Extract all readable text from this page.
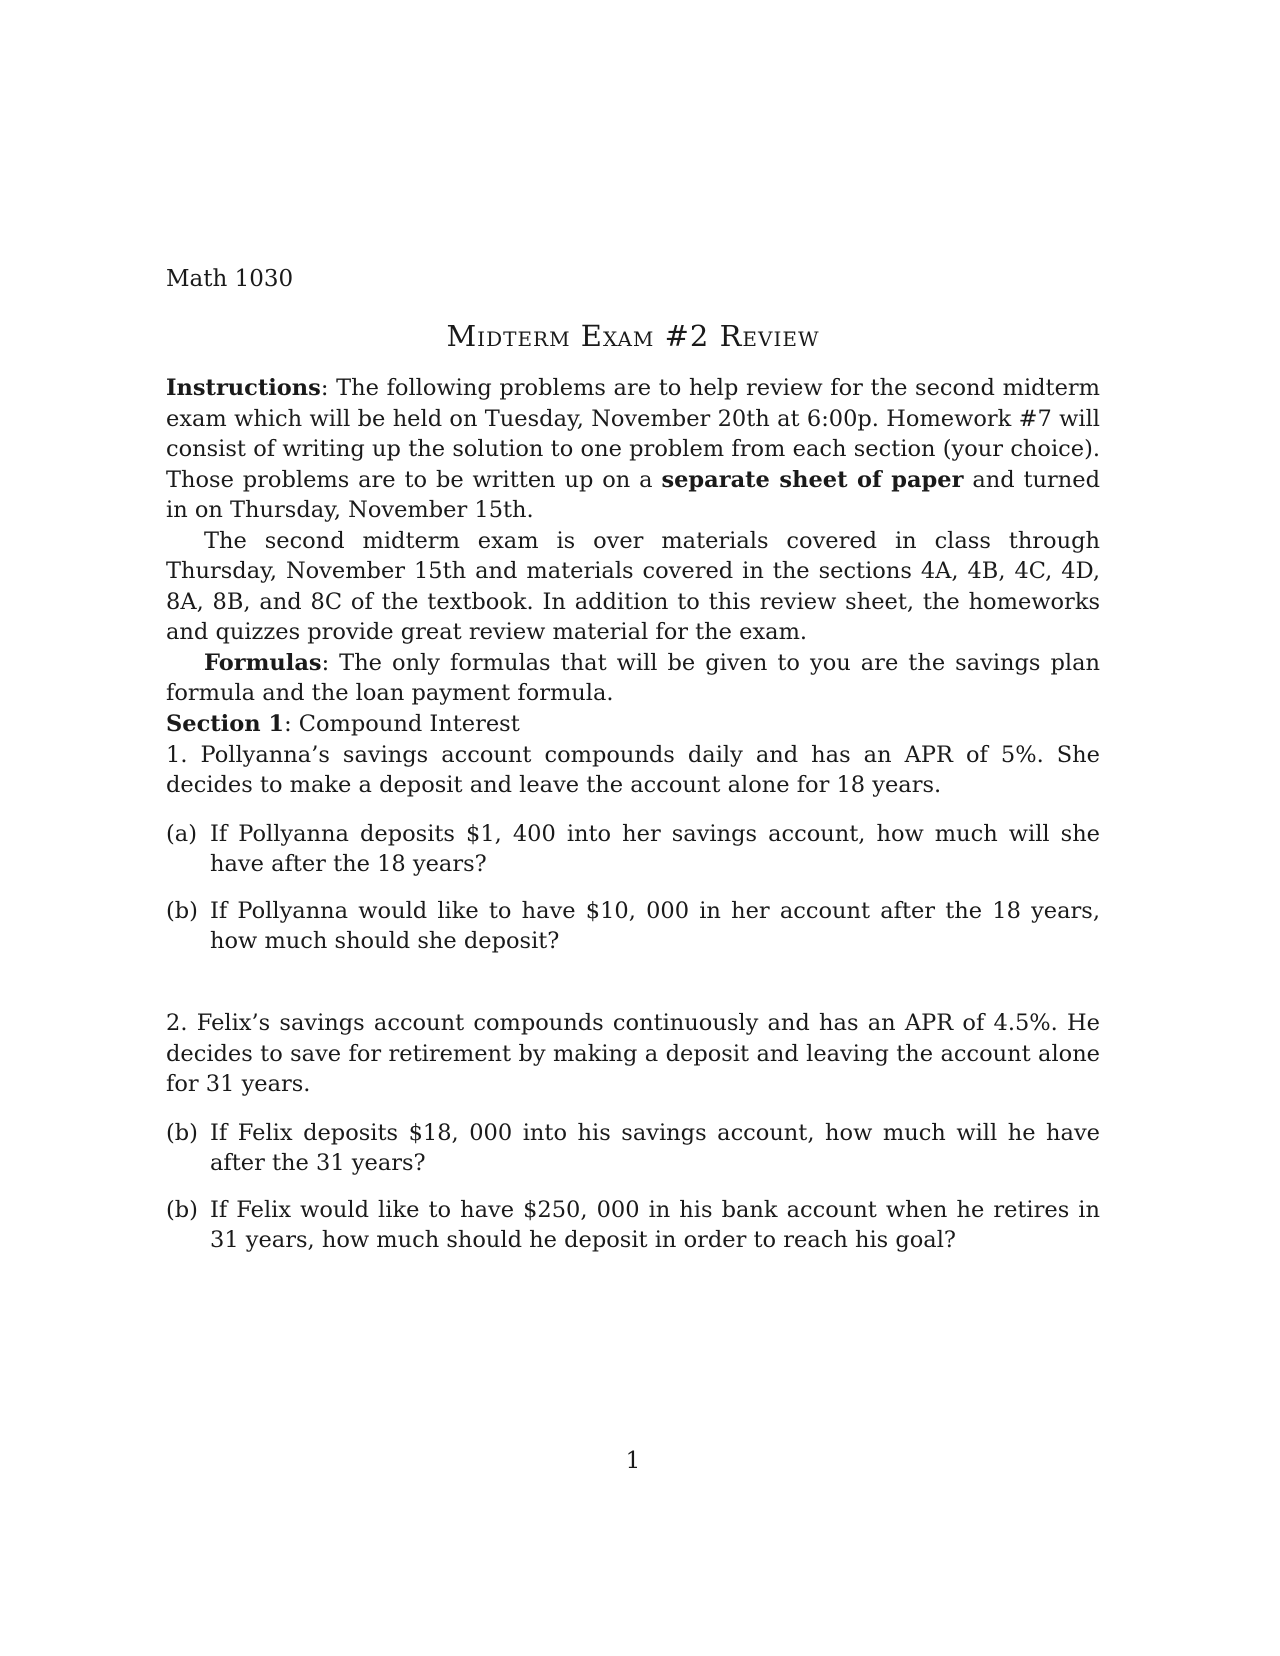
Math 1030

Midterm Exam #2 Review

Instructions: The following problems are to help review for the second midterm exam which will be held on Tuesday, November 20th at 6:00p. Homework #7 will consist of writing up the solution to one problem from each section (your choice). Those problems are to be written up on a separate sheet of paper and turned in on Thursday, November 15th.

The second midterm exam is over materials covered in class through Thursday, November 15th and materials covered in the sections 4A, 4B, 4C, 4D, 8A, 8B, and 8C of the textbook. In addition to this review sheet, the homeworks and quizzes provide great review material for the exam.

Formulas: The only formulas that will be given to you are the savings plan formula and the loan payment formula.

Section 1: Compound Interest

1. Pollyanna’s savings account compounds daily and has an APR of 5%. She decides to make a deposit and leave the account alone for 18 years.

(a) If Pollyanna deposits $1, 400 into her savings account, how much will she have after the 18 years?
(b) If Pollyanna would like to have $10, 000 in her account after the 18 years, how much should she deposit?

2. Felix’s savings account compounds continuously and has an APR of 4.5%. He decides to save for retirement by making a deposit and leaving the account alone for 31 years.

(b) If Felix deposits $18, 000 into his savings account, how much will he have after the 31 years?
(b) If Felix would like to have $250, 000 in his bank account when he retires in 31 years, how much should he deposit in order to reach his goal?
1
